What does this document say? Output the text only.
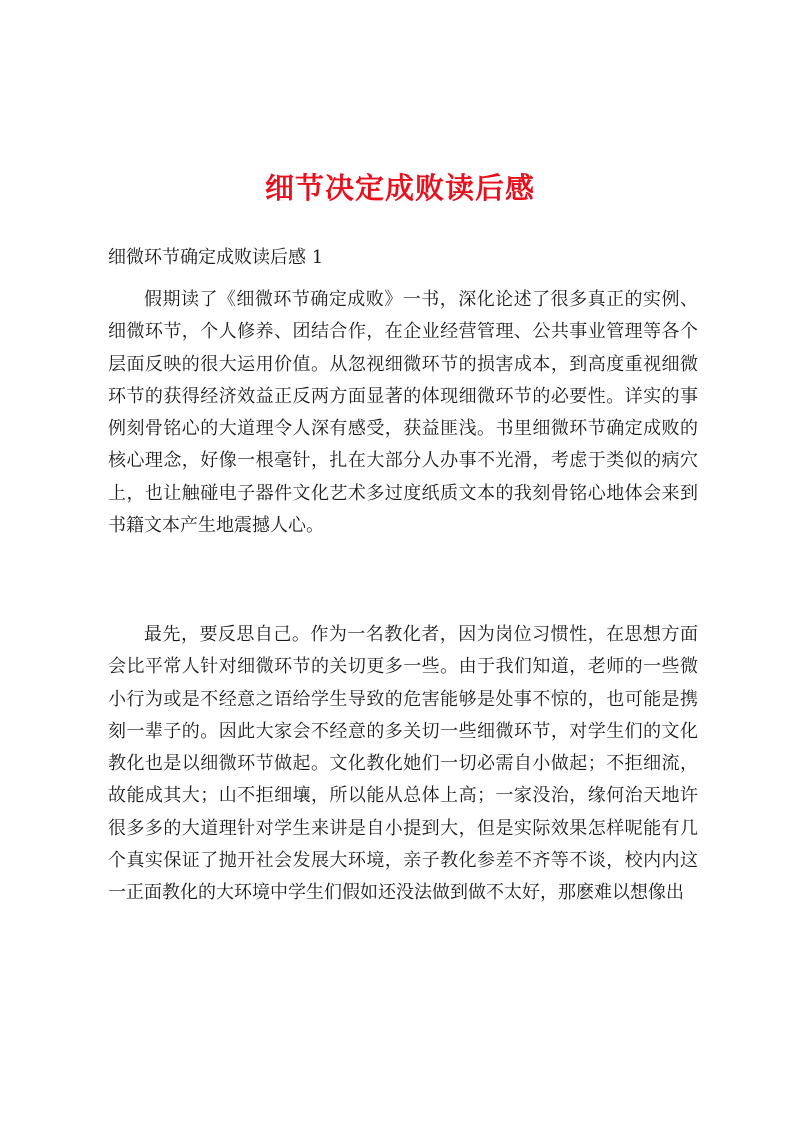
细节决定成败读后感
细微环节确定成败读后感 1

假期读了《细微环节确定成败》一书，深化论述了很多真正的实例、细微环节，个人修养、团结合作，在企业经营管理、公共事业管理等各个层面反映的很大运用价值。从忽视细微环节的损害成本，到高度重视细微环节的获得经济效益正反两方面显著的体现细微环节的必要性。详实的事例刻骨铭心的大道理令人深有感受，获益匪浅。书里细微环节确定成败的核心理念，好像一根毫针，扎在大部分人办事不光滑，考虑于类似的病穴上，也让触碰电子器件文化艺术多过度纸质文本的我刻骨铭心地体会来到书籍文本产生地震撼人心。

最先，要反思自己。作为一名教化者，因为岗位习惯性，在思想方面会比平常人针对细微环节的关切更多一些。由于我们知道，老师的一些微小行为或是不经意之语给学生导致的危害能够是处事不惊的，也可能是携刻一辈子的。因此大家会不经意的多关切一些细微环节，对学生们的文化教化也是以细微环节做起。文化教化她们一切必需自小做起；不拒细流，故能成其大；山不拒细壤，所以能从总体上高；一家没治，缘何治天地许很多多的大道理针对学生来讲是自小提到大，但是实际效果怎样呢能有几个真实保证了抛开社会发展大环境，亲子教化参差不齐等不谈，校内内这一正面教化的大环境中学生们假如还没法做到做不太好，那麽难以想像出
